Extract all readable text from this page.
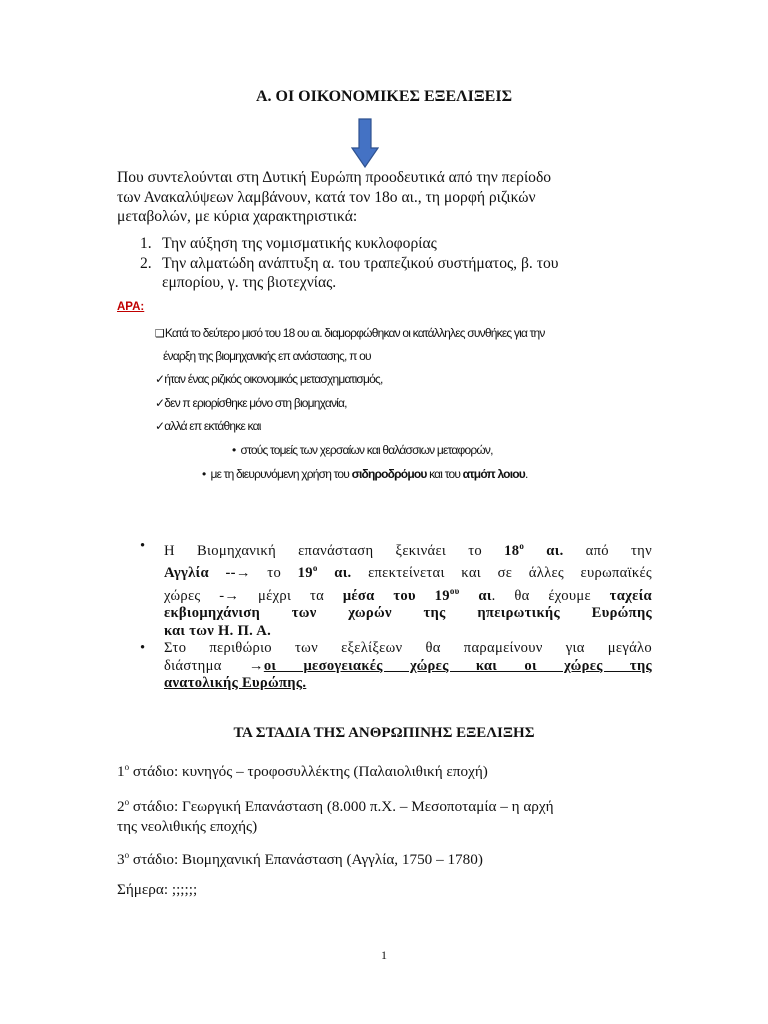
Α. ΟΙ ΟΙΚΟΝΟΜΙΚΕΣ ΕΞΕΛΙΞΕΙΣ
Που συντελούνται στη Δυτική Ευρώπη προοδευτικά από την περίοδο
των Ανακαλύψεων λαμβάνουν, κατά τον 18ο αι., τη μορφή ριζικών
μεταβολών, με κύρια χαρακτηριστικά:
1. Την αύξηση της νομισματικής κυκλοφορίας
2. Την αλματώδη ανάπτυξη α. του τραπεζικού συστήματος, β. του
εμπορίου, γ. της βιοτεχνίας.
ΑΡΑ:
❑Κατά το δεύτερο μισό του 18 ου αι. διαμορφώθηκαν οι κατάλληλες συνθήκες για την
έναρξη της βιομηχανικής επ ανάστασης, π ου
✓ήταν ένας ριζικός οικονομικός μετασχηματισμός,
✓δεν π εριορίσθηκε μόνο στη βιομηχανία,
✓αλλά επ εκτάθηκε και
•  στούς τομείς των χερσαίων και θαλάσσιων μεταφορών,
•  με τη διευρυνόμενη χρήση του σιδηροδρόμου και του ατμόπ λοιου.
•	Η Βιομηχανική επανάσταση ξεκινάει το $18^o$ αι. από την
Αγγλία --→ το $19^o$ αι. επεκτείνεται και σε άλλες ευρωπαϊκές
χώρες -→ μέχρι τα μέσα του $19^{o\upsilon}$ αι. θα έχουμε ταχεία
εκβιομηχάνιση των χωρών της ηπειρωτικής Ευρώπης
και των Η. Π. Α.
•	Στο περιθώριο των εξελίξεων θα παραμείνουν για μεγάλο
διάστημα →οι μεσογειακές χώρες και οι χώρες της
ανατολικής Ευρώπης.
ΤΑ ΣΤΑΔΙΑ ΤΗΣ ΑΝΘΡΩΠΙΝΗΣ ΕΞΕΛΙΞΗΣ
$1^o$ στάδιο: κυνηγός – τροφοσυλλέκτης (Παλαιολιθική εποχή)
$2^o$ στάδιο: Γεωργική Επανάσταση (8.000 π.Χ. – Μεσοποταμία – η αρχή
της νεολιθικής εποχής)
$3^o$ στάδιο: Βιομηχανική Επανάσταση (Αγγλία, 1750 – 1780)
Σήμερα: ;;;;;;
1
